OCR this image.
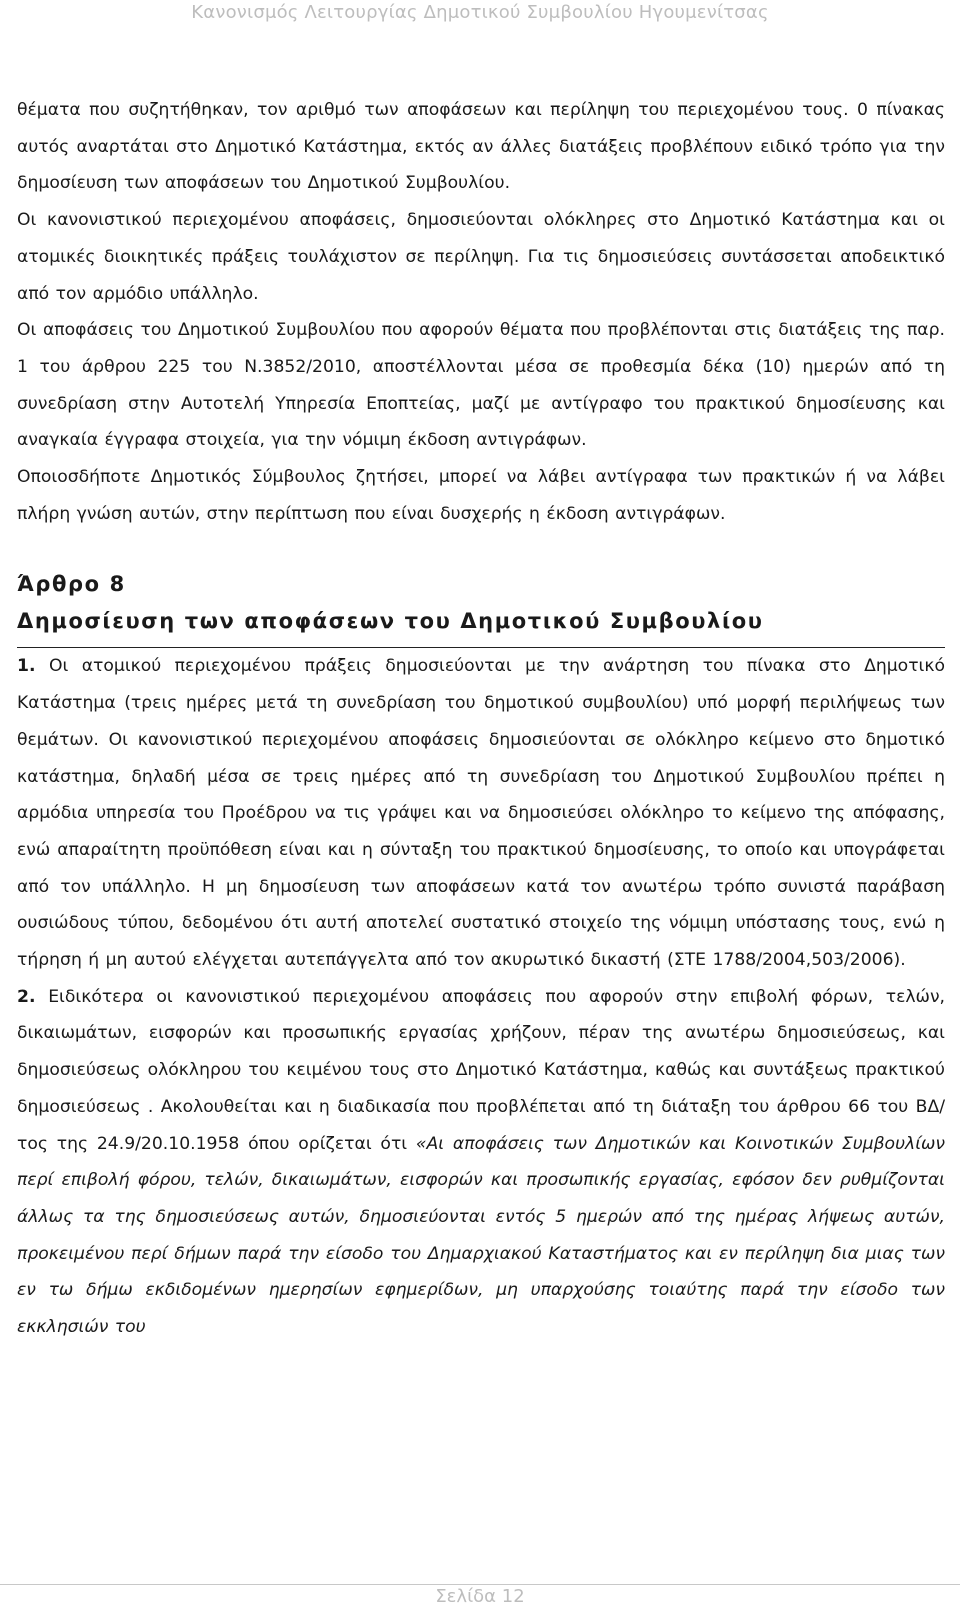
Κανονισμός Λειτουργίας Δημοτικού Συμβουλίου Ηγουμενίτσας

θέματα που συζητήθηκαν, τον αριθμό των αποφάσεων και περίληψη του περιεχομένου τους. 0 πίνακας αυτός αναρτάται στο Δημοτικό Κατάστημα, εκτός αν άλλες διατάξεις προβλέπουν ειδικό τρόπο για την δημοσίευση των αποφάσεων του Δημοτικού Συμβουλίου.

Οι κανονιστικού περιεχομένου αποφάσεις, δημοσιεύονται ολόκληρες στο Δημοτικό Κατάστημα και οι ατομικές διοικητικές πράξεις τουλάχιστον σε περίληψη. Για τις δημοσιεύσεις συντάσσεται αποδεικτικό από τον αρμόδιο υπάλληλο.

Οι αποφάσεις του Δημοτικού Συμβουλίου που αφορούν θέματα που προβλέπονται στις διατάξεις της παρ. 1 του άρθρου 225 του Ν.3852/2010, αποστέλλονται μέσα σε προθεσμία δέκα (10) ημερών από τη συνεδρίαση στην Αυτοτελή Υπηρεσία Εποπτείας, μαζί με αντίγραφο του πρακτικού δημοσίευσης και αναγκαία έγγραφα στοιχεία, για την νόμιμη έκδοση αντιγράφων.

Οποιοσδήποτε Δημοτικός Σύμβουλος ζητήσει, μπορεί να λάβει αντίγραφα των πρακτικών ή να λάβει πλήρη γνώση αυτών, στην περίπτωση που είναι δυσχερής η έκδοση αντιγράφων.

Άρθρο 8
Δημοσίευση των αποφάσεων του Δημοτικού Συμβουλίου

1. Οι ατομικού περιεχομένου πράξεις δημοσιεύονται με την ανάρτηση του πίνακα στο Δημοτικό Κατάστημα (τρεις ημέρες μετά τη συνεδρίαση του δημοτικού συμβουλίου) υπό μορφή περιλήψεως των θεμάτων. Οι κανονιστικού περιεχομένου αποφάσεις δημοσιεύονται σε ολόκληρο κείμενο στο δημοτικό κατάστημα, δηλαδή μέσα σε τρεις ημέρες από τη συνεδρίαση του Δημοτικού Συμβουλίου πρέπει η αρμόδια υπηρεσία του Προέδρου να τις γράψει και να δημοσιεύσει ολόκληρο το κείμενο της απόφασης, ενώ απαραίτητη προϋπόθεση είναι και η σύνταξη του πρακτικού δημοσίευσης, το οποίο και υπογράφεται από τον υπάλληλο. Η μη δημοσίευση των αποφάσεων κατά τον ανωτέρω τρόπο συνιστά παράβαση ουσιώδους τύπου, δεδομένου ότι αυτή αποτελεί συστατικό στοιχείο της νόμιμη υπόστασης τους, ενώ η τήρηση ή μη αυτού ελέγχεται αυτεπάγγελτα από τον ακυρωτικό δικαστή (ΣΤΕ 1788/2004,503/2006).

2. Ειδικότερα οι κανονιστικού περιεχομένου αποφάσεις που αφορούν στην επιβολή φόρων, τελών, δικαιωμάτων, εισφορών και προσωπικής εργασίας χρήζουν, πέραν της ανωτέρω δημοσιεύσεως, και δημοσιεύσεως ολόκληρου του κειμένου τους στο Δημοτικό Κατάστημα, καθώς και συντάξεως πρακτικού δημοσιεύσεως . Ακολουθείται και η διαδικασία που προβλέπεται από τη διάταξη του άρθρου 66 του ΒΔ/τος της 24.9/20.10.1958 όπου ορίζεται ότι «Αι αποφάσεις των Δημοτικών και Κοινοτικών Συμβουλίων περί επιβολή φόρου, τελών, δικαιωμάτων, εισφορών και προσωπικής εργασίας, εφόσον δεν ρυθμίζονται άλλως τα της δημοσιεύσεως αυτών, δημοσιεύονται εντός 5 ημερών από της ημέρας λήψεως αυτών, προκειμένου περί δήμων παρά την είσοδο του Δημαρχιακού Καταστήματος και εν περίληψη δια μιας των εν τω δήμω εκδιδομένων ημερησίων εφημερίδων, μη υπαρχούσης τοιαύτης παρά την είσοδο των εκκλησιών του

Σελίδα 12
